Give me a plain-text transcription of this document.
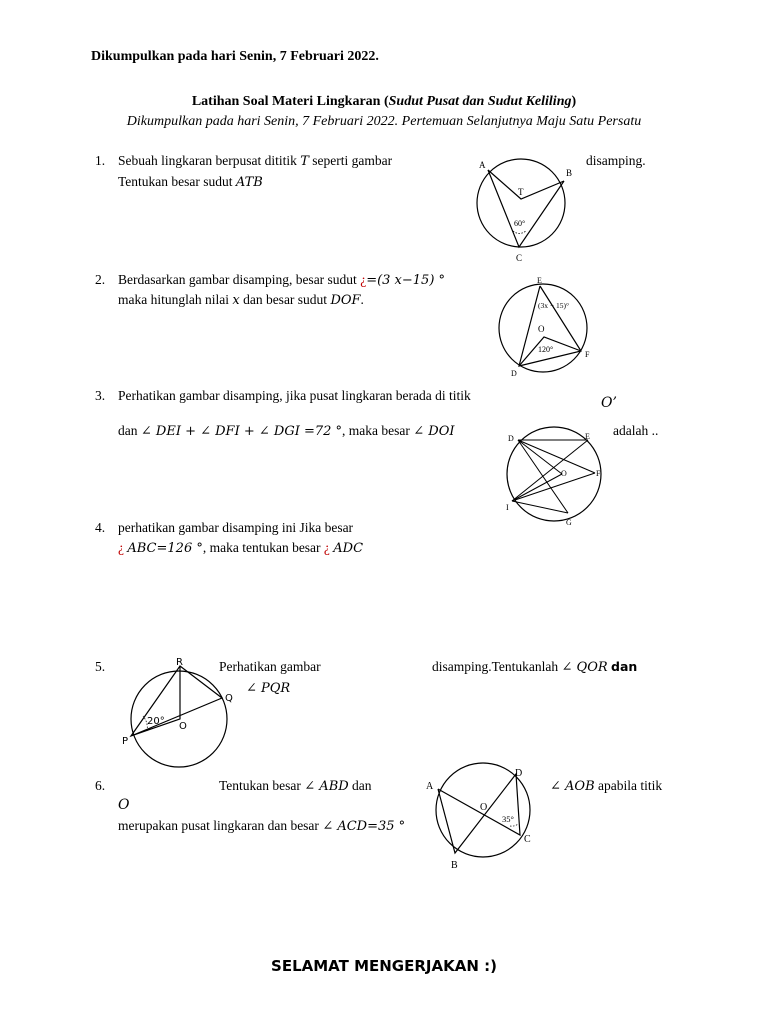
Dikumpulkan pada hari Senin, 7 Februari 2022.
Latihan Soal Materi Lingkaran (Sudut Pusat dan Sudut Keliling)
Dikumpulkan pada hari Senin, 7 Februari 2022. Pertemuan Selanjutnya Maju Satu Persatu
1. Sebuah lingkaran berpusat dititik T seperti gambar	disamping.
Tentukan besar sudut ATB
A
B
C
T
60°
2. Berdasarkan gambar disamping, besar sudut ¿=(3 x−15) °
maka hitunglah nilai x dan besar sudut DOF.
E
O
F
D
(3x − 15)°
120°
3. Perhatikan gambar disamping, jika pusat lingkaran berada di titik	O’
dan ∠ DEI + ∠ DFI + ∠ DGI =72 °, maka besar ∠ DOI	adalah ..
D	E
O	F
I
G
4. perhatikan gambar disamping ini Jika besar
¿ ABC=126 °, maka tentukan besar ¿ ADC
5.	Perhatikan gambar	disamping.Tentukanlah ∠ QOR dan
∠ PQR
R
Q
O
P
20°
6.	Tentukan besar ∠ ABD dan	∠ AOB apabila titik
O
merupakan pusat lingkaran dan besar ∠ ACD=35 °
A
D
O
C
B
35°
SELAMAT MENGERJAKAN :)
